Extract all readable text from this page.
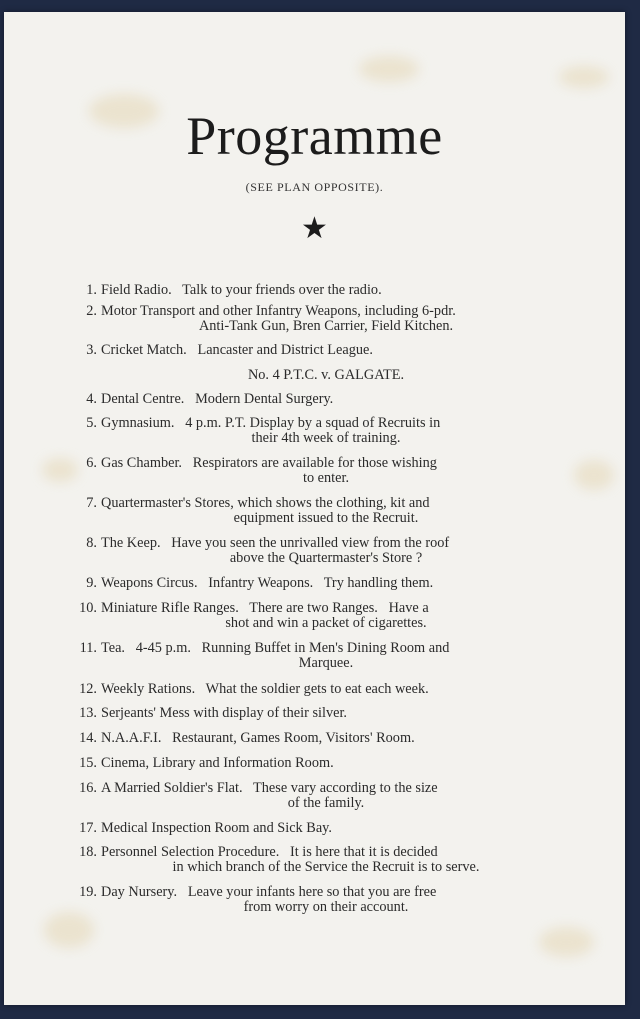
Programme
(SEE PLAN OPPOSITE).
★
1. Field Radio.   Talk to your friends over the radio.
2. Motor Transport and other Infantry Weapons, including 6-pdr.
Anti-Tank Gun, Bren Carrier, Field Kitchen.
3. Cricket Match.   Lancaster and District League.
4. Dental Centre.   Modern Dental Surgery.
5. Gymnasium.   4 p.m. P.T. Display by a squad of Recruits in
their 4th week of training.
6. Gas Chamber.   Respirators are available for those wishing
to enter.
7. Quartermaster's Stores, which shows the clothing, kit and
equipment issued to the Recruit.
8. The Keep.   Have you seen the unrivalled view from the roof
above the Quartermaster's Store ?
9. Weapons Circus.   Infantry Weapons.   Try handling them.
10. Miniature Rifle Ranges.   There are two Ranges.   Have a
shot and win a packet of cigarettes.
11. Tea.   4-45 p.m.   Running Buffet in Men's Dining Room and
Marquee.
12. Weekly Rations.   What the soldier gets to eat each week.
13. Serjeants' Mess with display of their silver.
14. N.A.A.F.I.   Restaurant, Games Room, Visitors' Room.
15. Cinema, Library and Information Room.
16. A Married Soldier's Flat.   These vary according to the size
of the family.
17. Medical Inspection Room and Sick Bay.
18. Personnel Selection Procedure.   It is here that it is decided
in which branch of the Service the Recruit is to serve.
19. Day Nursery.   Leave your infants here so that you are free
from worry on their account.
No. 4 P.T.C. v. GALGATE.
